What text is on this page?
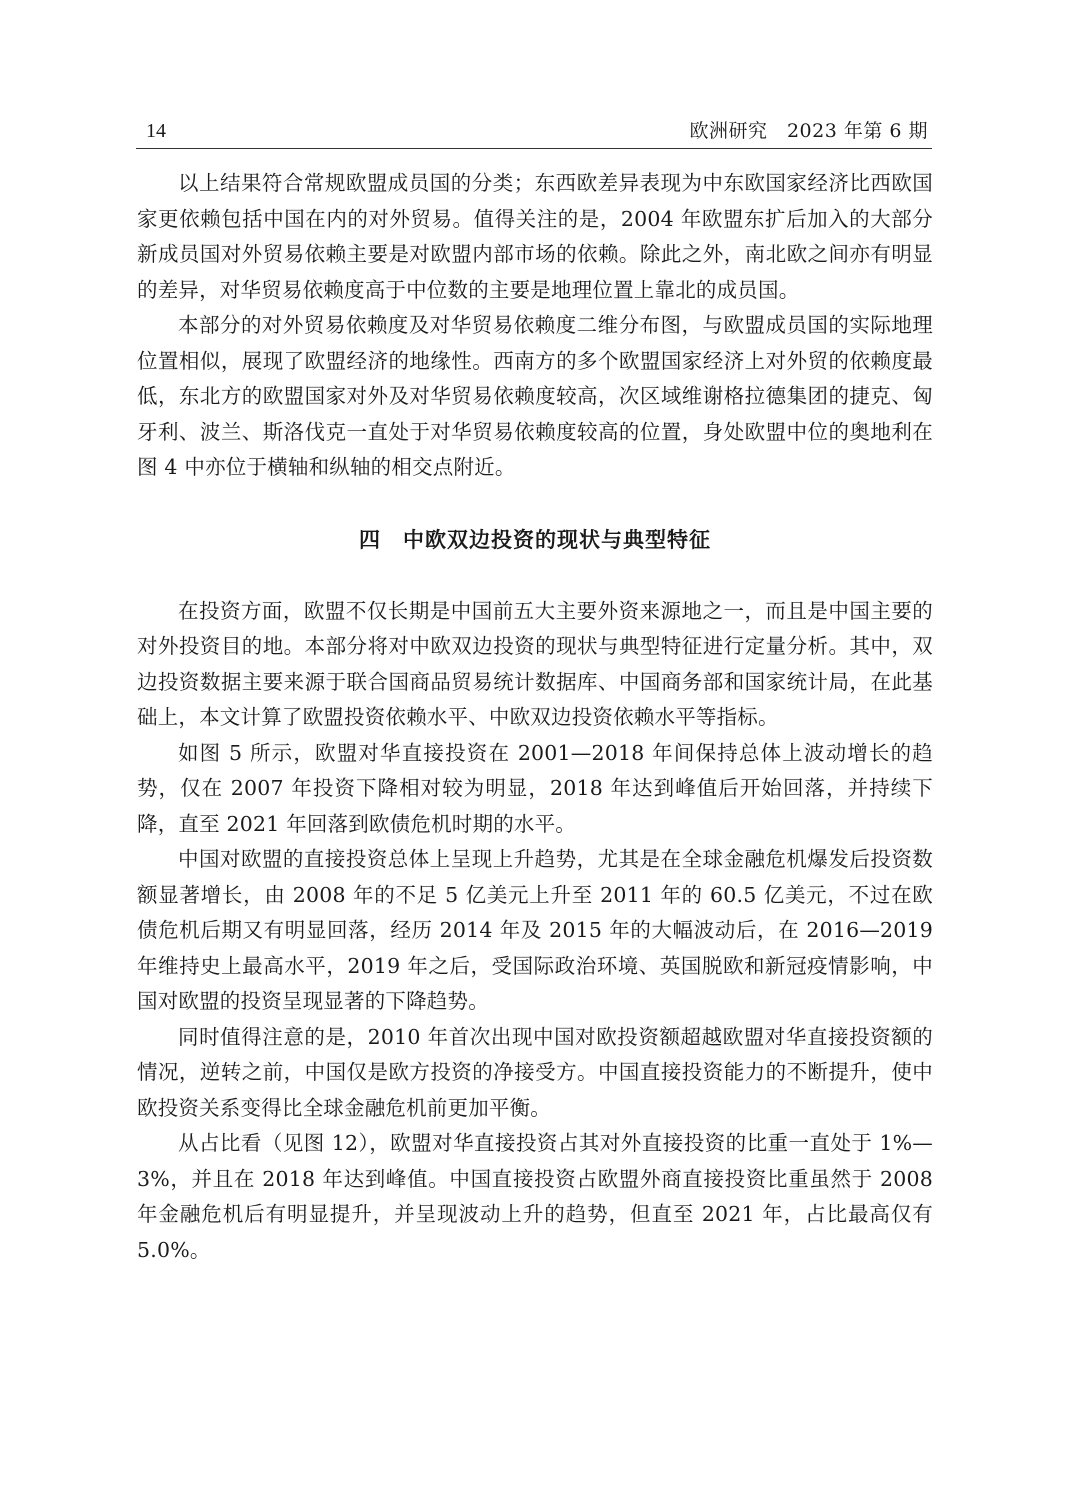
14	欧洲研究　2023 年第 6 期

以上结果符合常规欧盟成员国的分类；东西欧差异表现为中东欧国家经济比西欧国家更依赖包括中国在内的对外贸易。值得关注的是，2004 年欧盟东扩后加入的大部分新成员国对外贸易依赖主要是对欧盟内部市场的依赖。除此之外，南北欧之间亦有明显的差异，对华贸易依赖度高于中位数的主要是地理位置上靠北的成员国。

本部分的对外贸易依赖度及对华贸易依赖度二维分布图，与欧盟成员国的实际地理位置相似，展现了欧盟经济的地缘性。西南方的多个欧盟国家经济上对外贸的依赖度最低，东北方的欧盟国家对外及对华贸易依赖度较高，次区域维谢格拉德集团的捷克、匈牙利、波兰、斯洛伐克一直处于对华贸易依赖度较高的位置，身处欧盟中位的奥地利在图 4 中亦位于横轴和纵轴的相交点附近。

四　中欧双边投资的现状与典型特征

在投资方面，欧盟不仅长期是中国前五大主要外资来源地之一，而且是中国主要的对外投资目的地。本部分将对中欧双边投资的现状与典型特征进行定量分析。其中，双边投资数据主要来源于联合国商品贸易统计数据库、中国商务部和国家统计局，在此基础上，本文计算了欧盟投资依赖水平、中欧双边投资依赖水平等指标。

如图 5 所示，欧盟对华直接投资在 2001—2018 年间保持总体上波动增长的趋势，仅在 2007 年投资下降相对较为明显，2018 年达到峰值后开始回落，并持续下降，直至 2021 年回落到欧债危机时期的水平。

中国对欧盟的直接投资总体上呈现上升趋势，尤其是在全球金融危机爆发后投资数额显著增长，由 2008 年的不足 5 亿美元上升至 2011 年的 60.5 亿美元，不过在欧债危机后期又有明显回落，经历 2014 年及 2015 年的大幅波动后，在 2016—2019 年维持史上最高水平，2019 年之后，受国际政治环境、英国脱欧和新冠疫情影响，中国对欧盟的投资呈现显著的下降趋势。

同时值得注意的是，2010 年首次出现中国对欧投资额超越欧盟对华直接投资额的情况，逆转之前，中国仅是欧方投资的净接受方。中国直接投资能力的不断提升，使中欧投资关系变得比全球金融危机前更加平衡。

从占比看（见图 12），欧盟对华直接投资占其对外直接投资的比重一直处于 1%—3%，并且在 2018 年达到峰值。中国直接投资占欧盟外商直接投资比重虽然于 2008 年金融危机后有明显提升，并呈现波动上升的趋势，但直至 2021 年，占比最高仅有 5.0%。
